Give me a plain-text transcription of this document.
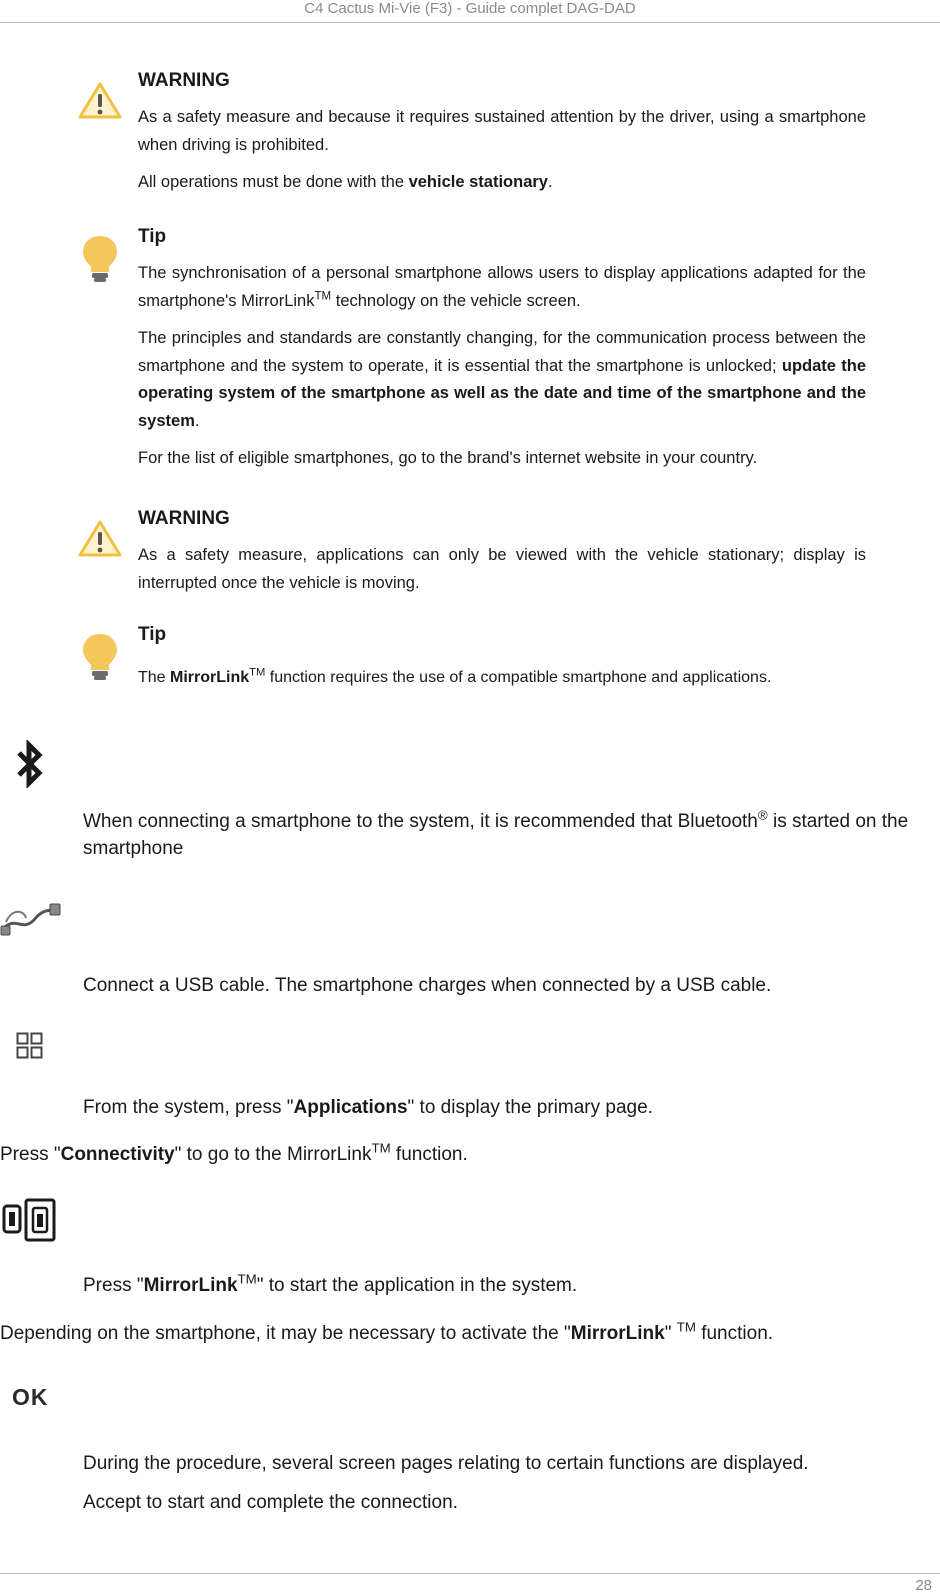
C4 Cactus Mi-Vie (F3) - Guide complet DAG-DAD
WARNING

As a safety measure and because it requires sustained attention by the driver, using a smartphone when driving is prohibited.

All operations must be done with the vehicle stationary.

Tip

The synchronisation of a personal smartphone allows users to display applications adapted for the smartphone's MirrorLink™ technology on the vehicle screen.

The principles and standards are constantly changing, for the communication process between the smartphone and the system to operate, it is essential that the smartphone is unlocked; update the operating system of the smartphone as well as the date and time of the smartphone and the system.

For the list of eligible smartphones, go to the brand's internet website in your country.

WARNING

As a safety measure, applications can only be viewed with the vehicle stationary; display is interrupted once the vehicle is moving.

Tip

The MirrorLink™ function requires the use of a compatible smartphone and applications.

When connecting a smartphone to the system, it is recommended that Bluetooth® is started on the smartphone
Connect a USB cable. The smartphone charges when connected by a USB cable.
From the system, press "Applications" to display the primary page.
Press "Connectivity" to go to the MirrorLink™ function.
Press "MirrorLink™" to start the application in the system.
Depending on the smartphone, it may be necessary to activate the "MirrorLink" ™ function.
OK
During the procedure, several screen pages relating to certain functions are displayed.
Accept to start and complete the connection.
28
